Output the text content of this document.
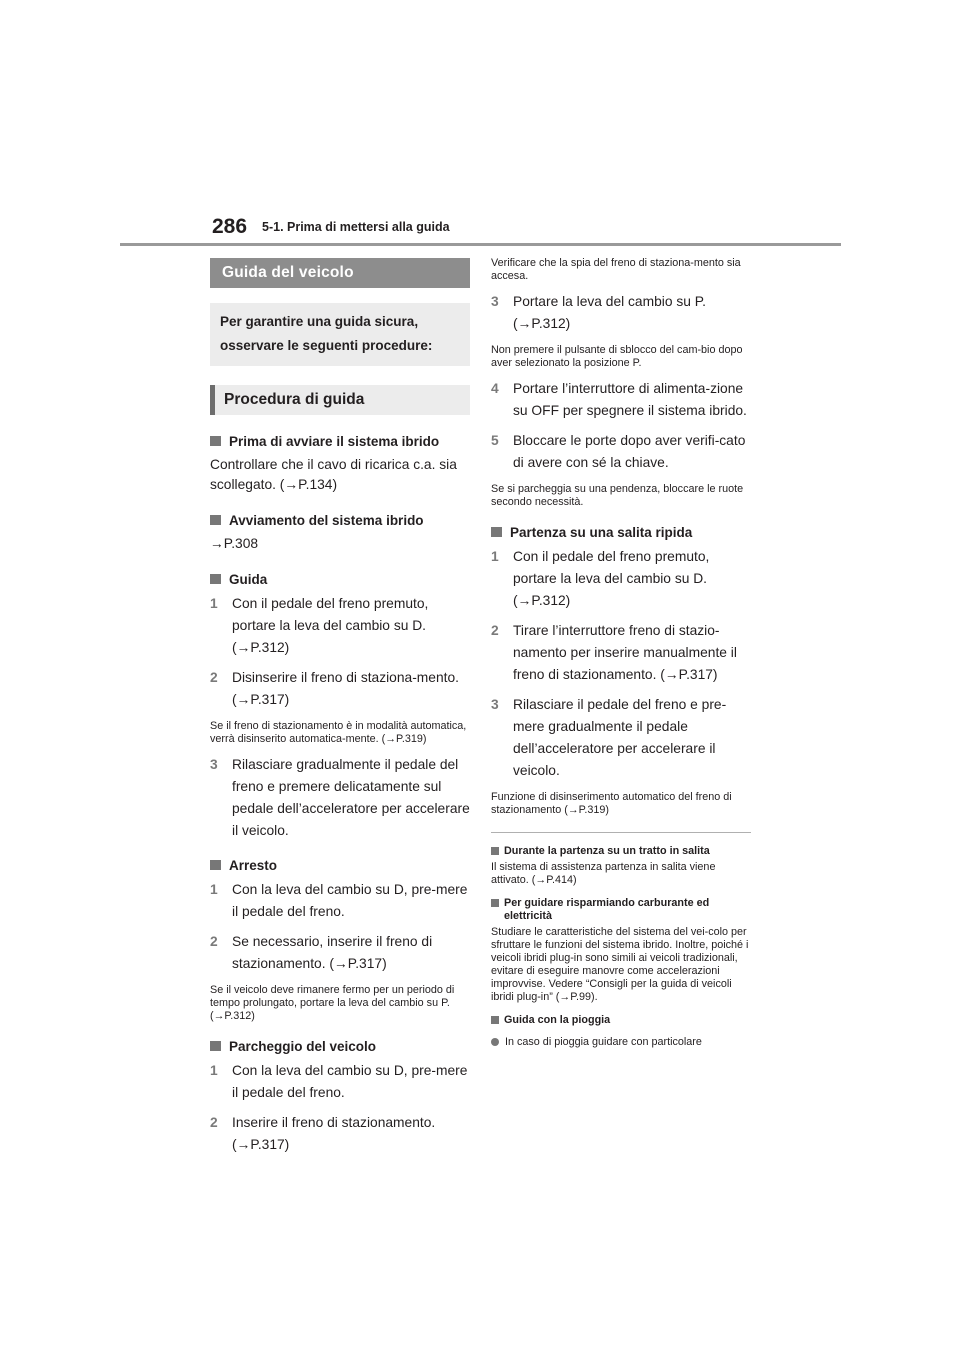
286 5-1. Prima di mettersi alla guida
Guida del veicolo
Per garantire una guida sicura, osservare le seguenti procedure:
Procedura di guida
Prima di avviare il sistema ibrido
Controllare che il cavo di ricarica c.a. sia scollegato. (→P.134)
Avviamento del sistema ibrido
→P.308
Guida
1	Con il pedale del freno premuto, portare la leva del cambio su D. (→P.312)
2	Disinserire il freno di staziona-mento. (→P.317)
Se il freno di stazionamento è in modalità automatica, verrà disinserito automatica-mente. (→P.319)
3	Rilasciare gradualmente il pedale del freno e premere delicatamente sul pedale dell’acceleratore per accelerare il veicolo.
Arresto
1	Con la leva del cambio su D, pre-mere il pedale del freno.
2	Se necessario, inserire il freno di stazionamento. (→P.317)
Se il veicolo deve rimanere fermo per un periodo di tempo prolungato, portare la leva del cambio su P. (→P.312)
Parcheggio del veicolo
1	Con la leva del cambio su D, pre-mere il pedale del freno.
2	Inserire il freno di stazionamento. (→P.317)
Verificare che la spia del freno di staziona-mento sia accesa.
3	Portare la leva del cambio su P. (→P.312)
Non premere il pulsante di sblocco del cam-bio dopo aver selezionato la posizione P.
4	Portare l’interruttore di alimenta-zione su OFF per spegnere il sistema ibrido.
5	Bloccare le porte dopo aver verifi-cato di avere con sé la chiave.
Se si parcheggia su una pendenza, bloccare le ruote secondo necessità.
Partenza su una salita ripida
1	Con il pedale del freno premuto, portare la leva del cambio su D. (→P.312)
2	Tirare l’interruttore freno di stazio-namento per inserire manualmente il freno di stazionamento. (→P.317)
3	Rilasciare il pedale del freno e pre-mere gradualmente il pedale dell’acceleratore per accelerare il veicolo.
Funzione di disinserimento automatico del freno di stazionamento (→P.319)
Durante la partenza su un tratto in salita
Il sistema di assistenza partenza in salita viene attivato. (→P.414)
Per guidare risparmiando carburante ed elettricità
Studiare le caratteristiche del sistema del vei-colo per sfruttare le funzioni del sistema ibrido. Inoltre, poiché i veicoli ibridi plug-in sono simili ai veicoli tradizionali, evitare di eseguire manovre come accelerazioni improvvise. Vedere “Consigli per la guida di veicoli ibridi plug-in” (→P.99).
Guida con la pioggia
In caso di pioggia guidare con particolare
